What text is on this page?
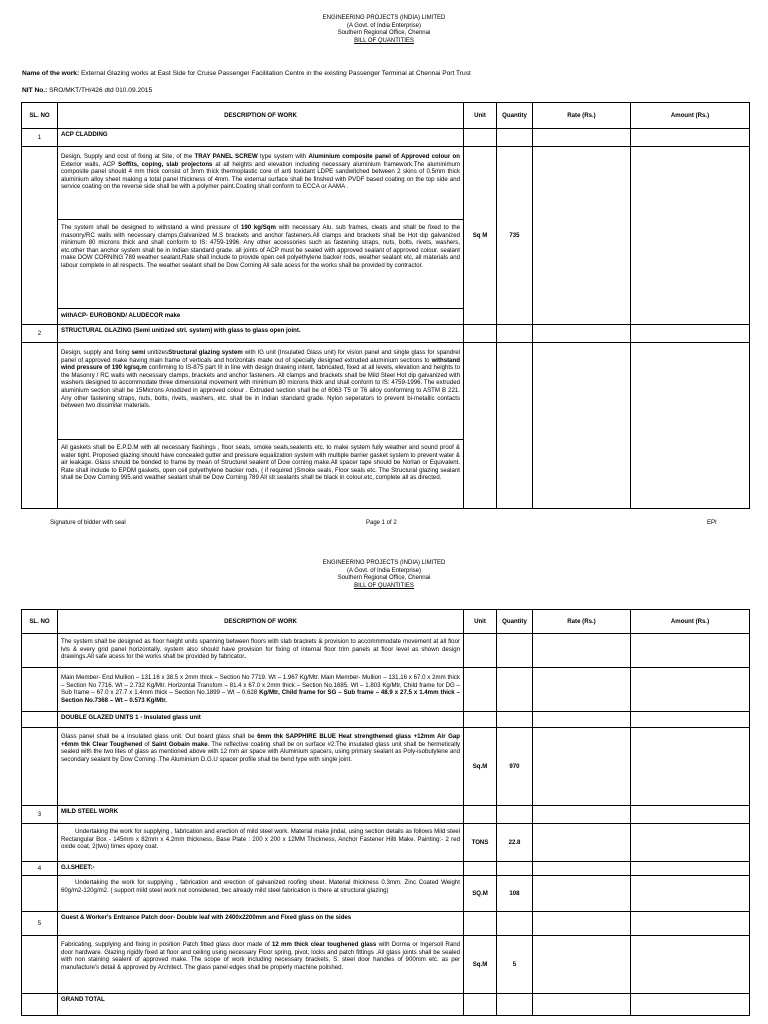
ENGINEERING PROJECTS (INDIA) LIMITED
(A Govt. of India Enterprise)
Southern Regional Office, Chennai
BILL OF QUANTITIES
Name of the work: External Glazing works at East Side for Cruise Passenger Facilitation Centre in the existing Passenger Terminal at Chennai Port Trust
NIT No.: SRO/MKT/TH/426 dtd 010.09.2015
SL. NO	DESCRIPTION OF WORK	Unit	Quantity	Rate (Rs.)	Amount (Rs.)
1	ACP CLADDING				

	Design, Supply and cost of fixing at Site, of the TRAY PANEL SCREW type system with Aluminium composite panel of Approved colour on Exterior walls, ACP Soffits, coping, slab projectons at all heights and elevation including necessary aluminium framework.The aluminimum composite panel should 4 mm thick consist of 3mm thick thermoplastic core of anti toxidant LDPE sandwitched between 2 skins of 0.5mm thick aluminium alloy sheet making a total panel thickness of 4mm. The external surface shall be finshed with PVDF based coating on the top side and service coating on the reverse side shall be with a polymer paint.Coating shall conform to ECCA or AAMA .
The system shall be designed to withstand a wind pressure of 190 kg/Sqm with necessary Alu. sub frames, cleats and shall be fixed to the masonry/RC walls with necessary clamps,Galvanized M.S brackets and anchor fasteners.All clamps and brackets shall be Hot dip galvanized minimum 80 microns thick and shall conform to IS: 4759-1996. Any other accessories such as fastening straps, nuts, bolts, rivets, washers, etc.other than anchor system shall be in Indian standard grade. all joints of ACP must be sealed with approved sealant of approved colour. sealant make DOW CORNING 789 weather sealant,Rate shall include to provide open cell polyethylene backer rods, weather sealant etc, all materials and labour complete in all respects. The weather sealant shall be Dow Corning All safe acess for the works shall be provided by contractor.
withACP- EUROBOND/ ALUDECOR make	Sq M	735		
2	STRUCTURAL GLAZING (Semi unitized strl. system) with glass to glass open joint.				

	Design, supply and fixing semi unitizesStructural glazing system with IG unit (Insulated Glass unit) for vision panel and single glass for spandrel panel of approved make having main frame of verticals and horizontals made out of specially designed extruded aluminium sections to withstand wind pressure of 190 kg/sq.m confirming to IS-875 part III in line with design drawing intent, fabricated, fixed at all levels, elevation and heights to the Masonry / RC walls with necessary clamps, brackets and anchor fasteners. All clamps and brackets shall be Mild Steel Hot dip galvanized with washers designed to accommodate three dimensional movement with minimum 80 microns thick and shall conform to IS: 4759-1996. The extruded aluminium section shall be 15Microns Anodized in approved colour . Extruded section shall be of 6063 T5 or T6 alloy conforming to ASTM B 221. Any other fastening straps, nuts, bolts, rivets, washers, etc. shall be in Indian standard grade. Nylon seperators to prevent bi-metallic contacts between two dissimilar materials.
All gaskets shall be E.P.D.M with all necessary flashings , floor seals, smoke seals,sealents etc. to make system fully weather and sound proof & water tight. Proposed glazing should have concealed gutter and pressure equalization system with multiple barrier gasket system to prevent water & air leakage. Glass should be bonded to frame by mean of Structurel sealent of Dow corning make.All spacer tape should be Norlan or Equivalent. Rate shall include to EPDM gaskets, open cell polyethylene backer rods, ( if required )Smoke seals, Floor seals etc. The Structural glazing sealant shall be Dow Corning 995.and weather sealant shall be Dow Corning 789 All str.sealants shall be black in colour.etc, complete all as directed.				

Signature of bidder with seal	Page 1 of 2	EPI
ENGINEERING PROJECTS (INDIA) LIMITED
(A Govt. of India Enterprise)
Southern Regional Office, Chennai
BILL OF QUANTITIES
SL. NO	DESCRIPTION OF WORK	Unit	Quantity	Rate (Rs.)	Amount (Rs.)
	The system shall be designed as floor height units spanning between floors with slab brackets & provision to accommmodate movement at all floor lvls & every grid panel horizontally. system also should have provision for fixing of internal floor trim panels at floor level as shown design drawings.All safe acess for the works shall be provided by fabricator.				
	Main Member- End Mullion – 131.16 x 38.5 x 2mm thick – Section No 7719. Wt – 1.967 Kg/Mtr. Main Member- Mullion – 131.16 x 67.0 x 2mm thick – Section No 7716. Wt – 2.732 Kg/Mtr. Horizontal Transfom – 81.4 x 67.0 x 2mm thick – Section No.1685. Wt – 1.803 Kg/Mtr, Child frame for DG – Sub frame – 67.0 x 27.7 x 1.4mm thick – Section No.1899 – Wt – 0.628 Kg/Mtr, Child frame for SG – Sub frame – 48.9 x 27.5 x 1.4mm thick – Section No.7368 – Wt – 0.573 Kg/Mtr.				
	DOUBLE GLAZED UNITS 1 - Insulated glass unit				
	Glass panel shall be a Insulated glass unit. Out board glass shall be 6mm thk SAPPHIRE BLUE Heat strengthened glass +12mm Air Gap +6mm thk Clear Toughened of Saint Gobain make. The reflective coating shall be on surface #2.The insulated glass unit shall be hermetically sealed with the two lites of glass as mentioned above with 12 mm air space with Aluminium spacers, using primary sealant as Poly-isobutylene and secondary sealant by Dow Corning .The Aluminium D.G.U spacer profile shall be bend type with single joint.	Sq.M	970		
3	MILD STEEL WORK				
	Undertaking the work for supplying , fabrication and erection of mild steel work. Material make jindal, using section details as follows Mild steel Rectangular Box - 145mm x 82mm x 4.2mm thickness, Base Plate : 200 x 200 x 12MM Thickness, Anchor Fastener Hilti Make. Painting:- 2 red oxide coat, 2(two) times epoxy coat.	TONS	22.8		
4	G.I.SHEET:-				
	Undertaking the work for supplying , fabrication and erection of galvanized roofing sheet. Material thickness 0.3mm. Zinc Coated Weight 60g/m2-120g/m2. ( support mild steel work not considered, bec already mild steel fabrication is there at structural glazing)	SQ.M	108		
5	Guest & Worker's Entrance Patch door- Double leaf with 2400x2200mm and Fixed glass on the sides				
	Fabricating, supplying and fixing in position Patch fitted glass door made of 12 mm thick clear toughened glass with Dorma or Ingersoll Rand door hardware. Glazing rigidly fixed at floor and ceiling using necessary Floor spring, pivot, locks and patch fittings .All glass joints shall be sealed with non staining sealent of approved make. The scope of work including necessary brackets, S. steel door handles of 900mm etc. as per manufacture's detail & approved by Architect. The glass panel edges shall be properly machine polished.	Sq.M	5		
	GRAND TOTAL				
